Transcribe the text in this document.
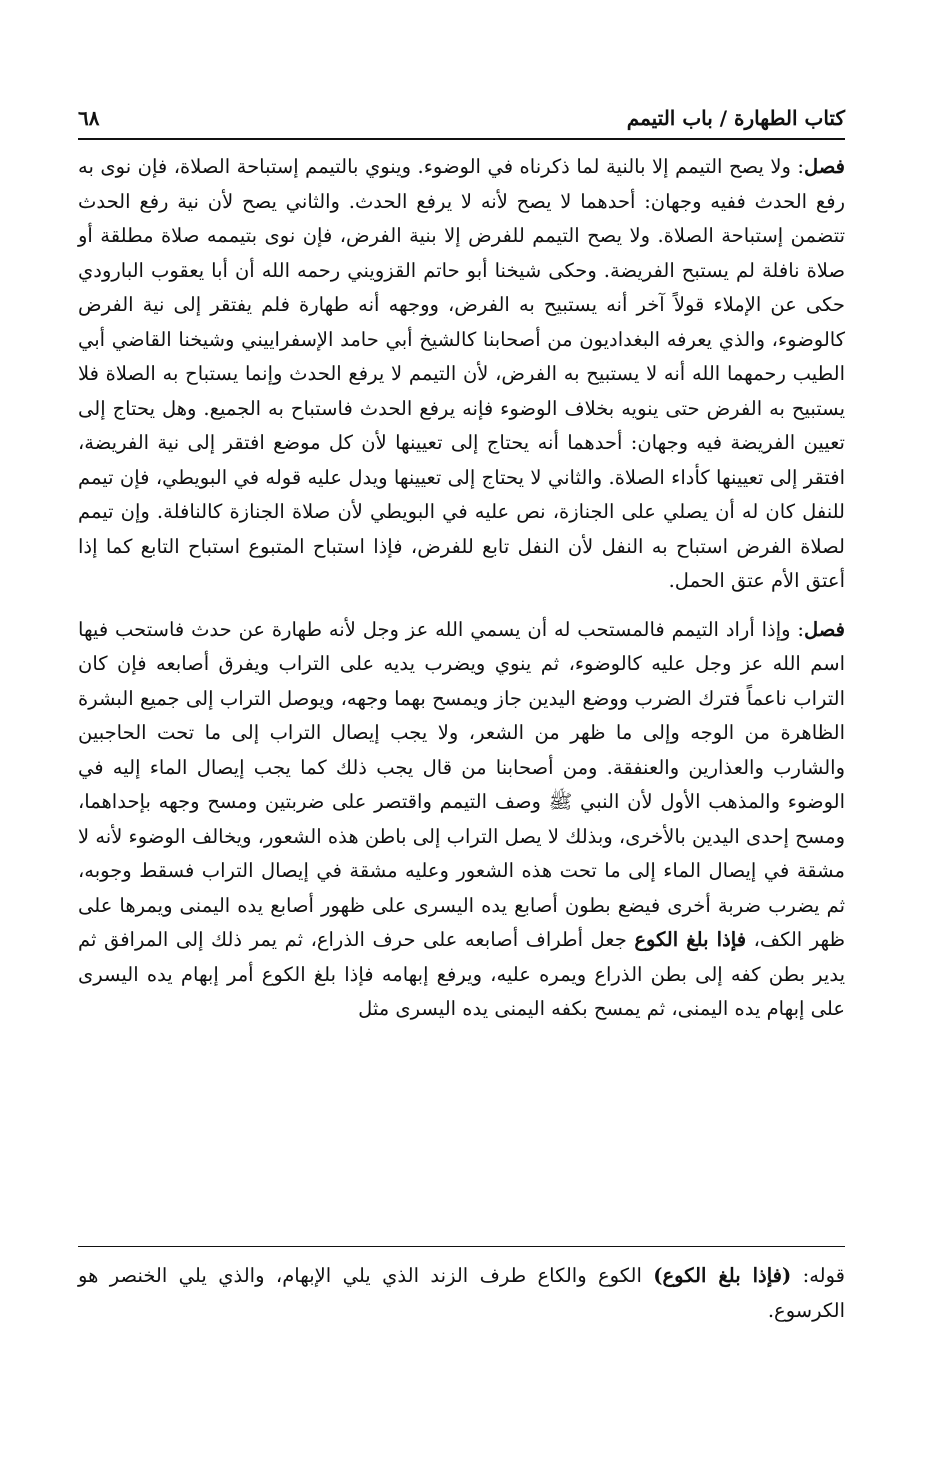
كتاب الطهارة / باب التيمم
٦٨

فصل: ولا يصح التيمم إلا بالنية لما ذكرناه في الوضوء. وينوي بالتيمم إستباحة الصلاة، فإن نوى به رفع الحدث ففيه وجهان: أحدهما لا يصح لأنه لا يرفع الحدث. والثاني يصح لأن نية رفع الحدث تتضمن إستباحة الصلاة. ولا يصح التيمم للفرض إلا بنية الفرض، فإن نوى بتيممه صلاة مطلقة أو صلاة نافلة لم يستبح الفريضة. وحكى شيخنا أبو حاتم القزويني رحمه الله أن أبا يعقوب البارودي حكى عن الإملاء قولاً آخر أنه يستبيح به الفرض، ووجهه أنه طهارة فلم يفتقر إلى نية الفرض كالوضوء، والذي يعرفه البغداديون من أصحابنا كالشيخ أبي حامد الإسفراييني وشيخنا القاضي أبي الطيب رحمهما الله أنه لا يستبيح به الفرض، لأن التيمم لا يرفع الحدث وإنما يستباح به الصلاة فلا يستبيح به الفرض حتى ينويه بخلاف الوضوء فإنه يرفع الحدث فاستباح به الجميع. وهل يحتاج إلى تعيين الفريضة فيه وجهان: أحدهما أنه يحتاج إلى تعيينها لأن كل موضع افتقر إلى نية الفريضة، افتقر إلى تعيينها كأداء الصلاة. والثاني لا يحتاج إلى تعيينها ويدل عليه قوله في البويطي، فإن تيمم للنفل كان له أن يصلي على الجنازة، نص عليه في البويطي لأن صلاة الجنازة كالنافلة. وإن تيمم لصلاة الفرض استباح به النفل لأن النفل تابع للفرض، فإذا استباح المتبوع استباح التابع كما إذا أعتق الأم عتق الحمل.

فصل: وإذا أراد التيمم فالمستحب له أن يسمي الله عز وجل لأنه طهارة عن حدث فاستحب فيها اسم الله عز وجل عليه كالوضوء، ثم ينوي ويضرب يديه على التراب ويفرق أصابعه فإن كان التراب ناعماً فترك الضرب ووضع اليدين جاز ويمسح بهما وجهه، ويوصل التراب إلى جميع البشرة الظاهرة من الوجه وإلى ما ظهر من الشعر، ولا يجب إيصال التراب إلى ما تحت الحاجبين والشارب والعذارين والعنفقة. ومن أصحابنا من قال يجب ذلك كما يجب إيصال الماء إليه في الوضوء والمذهب الأول لأن النبي ﷺ وصف التيمم واقتصر على ضربتين ومسح وجهه بإحداهما، ومسح إحدى اليدين بالأخرى، وبذلك لا يصل التراب إلى باطن هذه الشعور، ويخالف الوضوء لأنه لا مشقة في إيصال الماء إلى ما تحت هذه الشعور وعليه مشقة في إيصال التراب فسقط وجوبه، ثم يضرب ضربة أخرى فيضع بطون أصابع يده اليسرى على ظهور أصابع يده اليمنى ويمرها على ظهر الكف، فإذا بلغ الكوع جعل أطراف أصابعه على حرف الذراع، ثم يمر ذلك إلى المرافق ثم يدير بطن كفه إلى بطن الذراع ويمره عليه، ويرفع إبهامه فإذا بلغ الكوع أمر إبهام يده اليسرى على إبهام يده اليمنى، ثم يمسح بكفه اليمنى يده اليسرى مثل

قوله: (فإذا بلغ الكوع) الكوع والكاع طرف الزند الذي يلي الإبهام، والذي يلي الخنصر هو الكرسوع.
